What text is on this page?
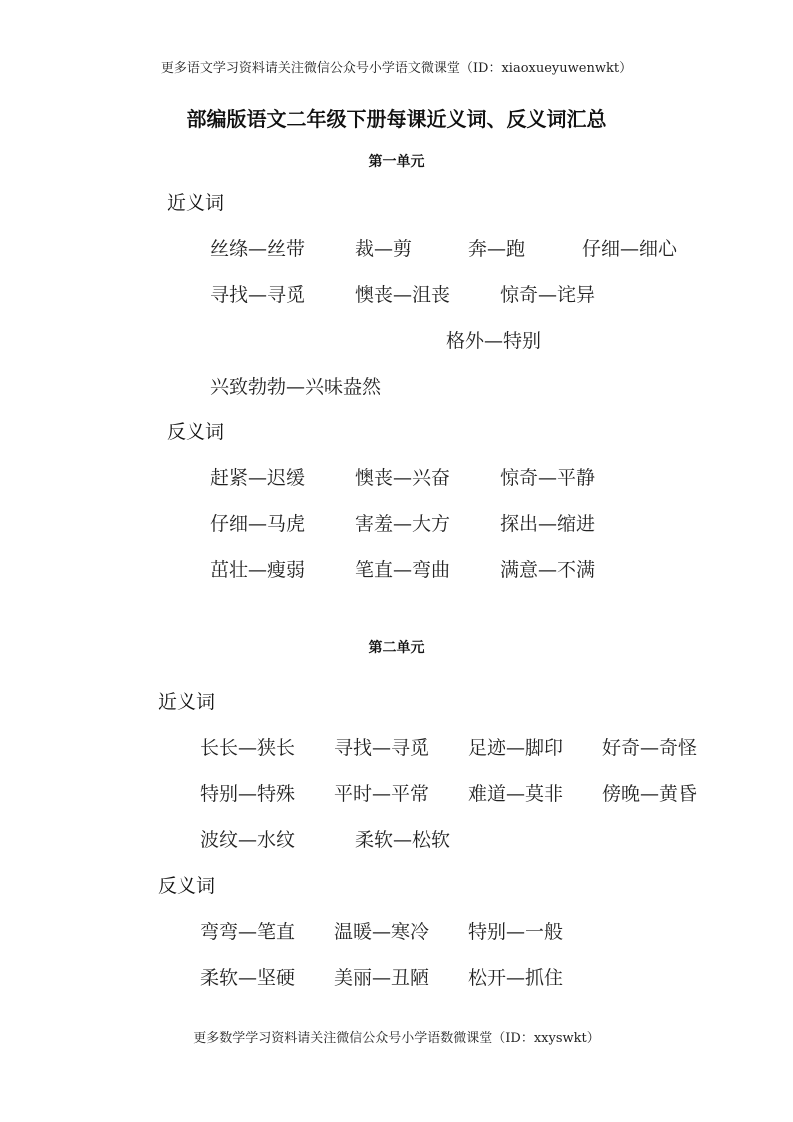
更多语文学习资料请关注微信公众号小学语文微课堂（ID：xiaoxueyuwenwkt）
部编版语文二年级下册每课近义词、反义词汇总
第一单元
近义词
丝绦—丝带	裁—剪	奔—跑	仔细—细心
寻找—寻觅	懊丧—沮丧	惊奇—诧异
格外—特别
兴致勃勃—兴味盎然
反义词
赶紧—迟缓	懊丧—兴奋	惊奇—平静
仔细—马虎	害羞—大方	探出—缩进
茁壮—瘦弱	笔直—弯曲	满意—不满
第二单元
近义词
长长—狭长 寻找—寻觅 足迹—脚印 好奇—奇怪
特别—特殊 平时—平常 难道—莫非 傍晚—黄昏
波纹—水纹	柔软—松软
反义词
弯弯—笔直 温暖—寒冷 特别—一般
柔软—坚硬 美丽—丑陋 松开—抓住
更多数学学习资料请关注微信公众号小学语数微课堂（ID：xxyswkt）
